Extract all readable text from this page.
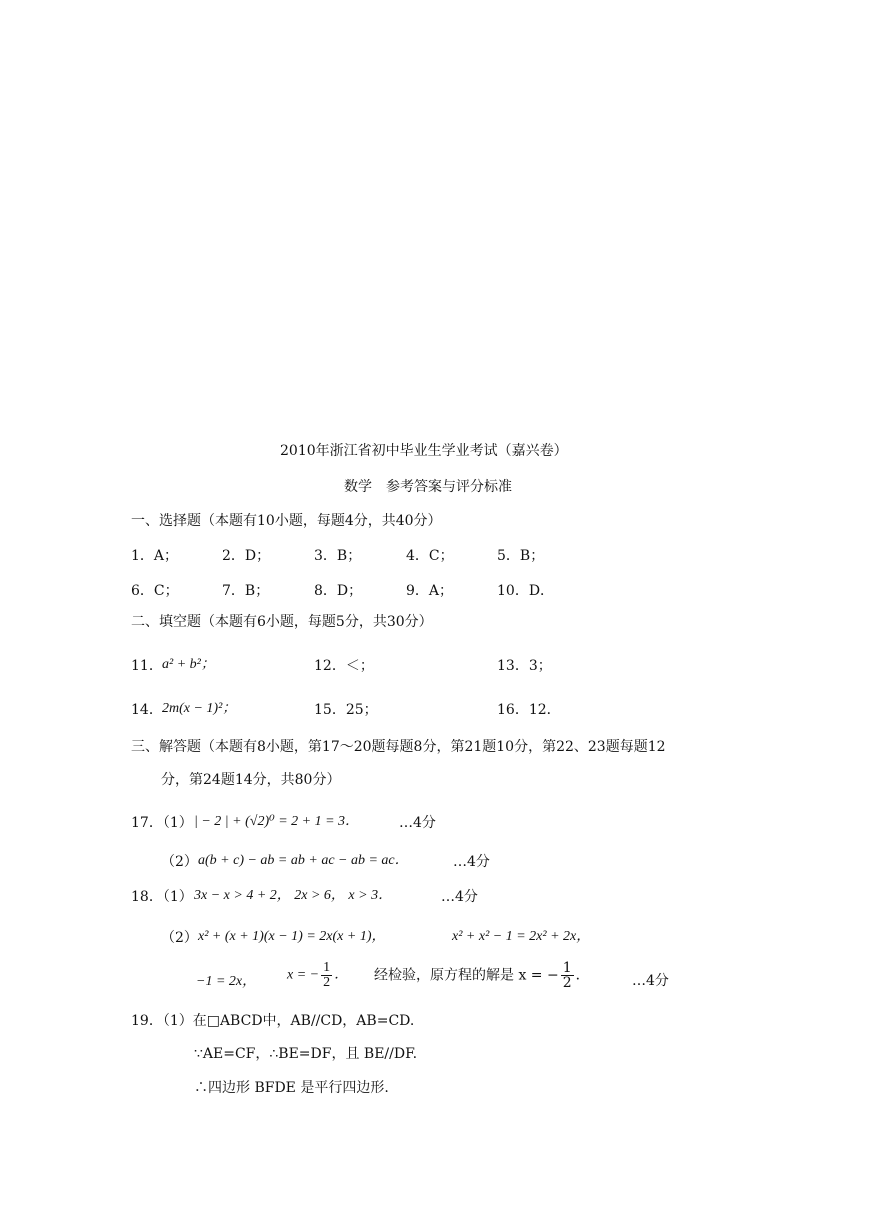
2010年浙江省初中毕业生学业考试（嘉兴卷）
数学　参考答案与评分标准
一、选择题（本题有10小题，每题4分，共40分）
1．A；	2．D；	3．B；	4．C；	5．B；
6．C；	7．B；	8．D；	9．A；	10．D．
二、填空题（本题有6小题，每题5分，共30分）
11． a² + b²；	12．＜；	13．3；
14． 2m(x − 1)²；	15．25；	16．12．
三、解答题（本题有8小题，第17～20题每题8分，第21题10分，第22、23题每题12
分，第24题14分，共80分）
17．（1） | − 2 | + (√2)⁰ = 2 + 1 = 3．	…4分
（2） a(b + c) − ab = ab + ac − ab = ac．	…4分
18．（1） 3x − x > 4 + 2， 2x > 6， x > 3．	…4分
（2） x² + (x + 1)(x − 1) = 2x(x + 1)，	x² + x² − 1 = 2x² + 2x，
−1 = 2x， x = − $\frac{1}{2}$ ． 经检验，原方程的解是 x = − $\frac{1}{2}$ ．	…4分
19．（1）在□ABCD中，AB//CD，AB=CD.
∵AE=CF，∴BE=DF，且 BE//DF.
∴四边形 BFDE 是平行四边形.
